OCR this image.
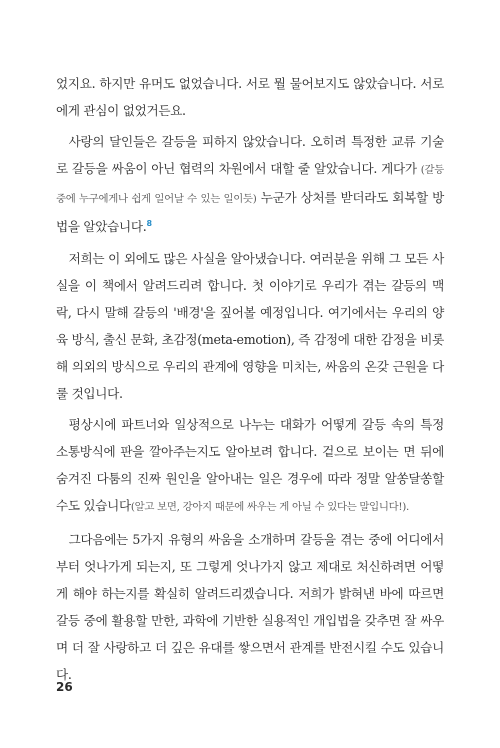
었지요. 하지만 유머도 없었습니다. 서로 뭘 물어보지도 않았습니다. 서로에게 관심이 없었거든요.

사랑의 달인들은 갈등을 피하지 않았습니다. 오히려 특정한 교류 기술로 갈등을 싸움이 아닌 협력의 차원에서 대할 줄 알았습니다. 게다가 (갈등 중에 누구에게나 쉽게 일어날 수 있는 일이듯) 누군가 상처를 받더라도 회복할 방법을 알았습니다.$^8$

저희는 이 외에도 많은 사실을 알아냈습니다. 여러분을 위해 그 모든 사실을 이 책에서 알려드리려 합니다. 첫 이야기로 우리가 겪는 갈등의 맥락, 다시 말해 갈등의 '배경'을 짚어볼 예정입니다. 여기에서는 우리의 양육 방식, 출신 문화, 초감정(meta-emotion), 즉 감정에 대한 감정을 비롯해 의외의 방식으로 우리의 관계에 영향을 미치는, 싸움의 온갖 근원을 다룰 것입니다.

평상시에 파트너와 일상적으로 나누는 대화가 어떻게 갈등 속의 특정 소통방식에 판을 깔아주는지도 알아보려 합니다. 겉으로 보이는 면 뒤에 숨겨진 다툼의 진짜 원인을 알아내는 일은 경우에 따라 정말 알쏭달쏭할 수도 있습니다(알고 보면, 강아지 때문에 싸우는 게 아닐 수 있다는 말입니다!).

그다음에는 5가지 유형의 싸움을 소개하며 갈등을 겪는 중에 어디에서부터 엇나가게 되는지, 또 그렇게 엇나가지 않고 제대로 처신하려면 어떻게 해야 하는지를 확실히 알려드리겠습니다. 저희가 밝혀낸 바에 따르면 갈등 중에 활용할 만한, 과학에 기반한 실용적인 개입법을 갖추면 잘 싸우며 더 잘 사랑하고 더 깊은 유대를 쌓으면서 관계를 반전시킬 수도 있습니다.

26
